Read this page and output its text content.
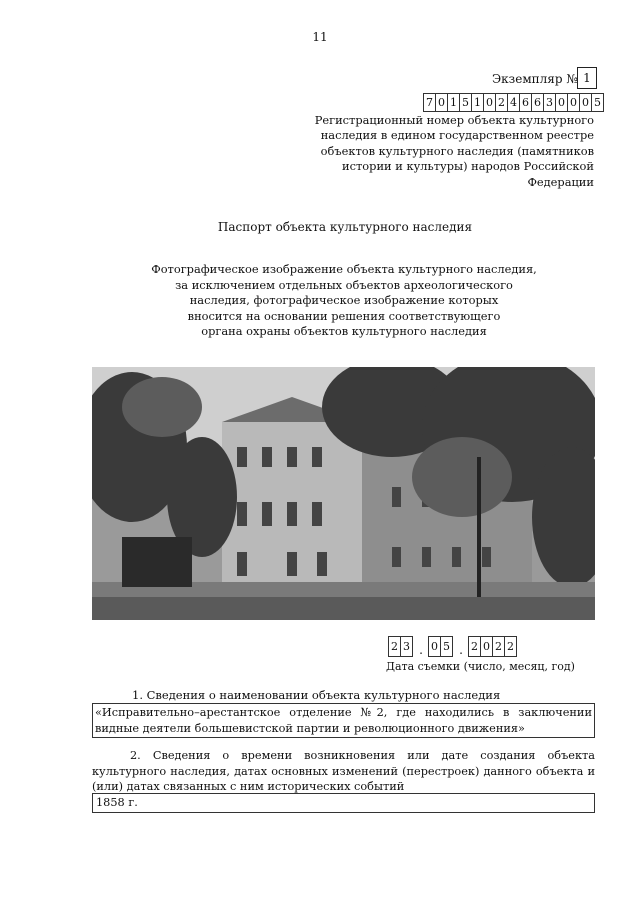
11
Экземпляр № 1
7 0 1 5 1 0 2 4 6 6 3 0 0 0 5
Регистрационный номер объекта культурного
наследия в едином государственном реестре
объектов культурного наследия (памятников
истории и культуры) народов Российской Федерации
Паспорт объекта культурного наследия
Фотографическое изображение объекта культурного наследия,
за исключением отдельных объектов археологического
наследия, фотографическое изображение которых
вносится на основании решения соответствующего
органа охраны объектов культурного наследия
2 3 . 0 5 . 2 0 2 2
Дата съемки (число, месяц, год)
1. Сведения о наименовании объекта культурного наследия
«Исправительно–арестантское отделение №2, где находились в заключении видные деятели большевистской партии и революционного движения»
2. Сведения о времени возникновения или дате создания объекта культурного наследия, датах основных изменений (перестроек) данного объекта и (или) датах связанных с ним исторических событий
1858 г.
